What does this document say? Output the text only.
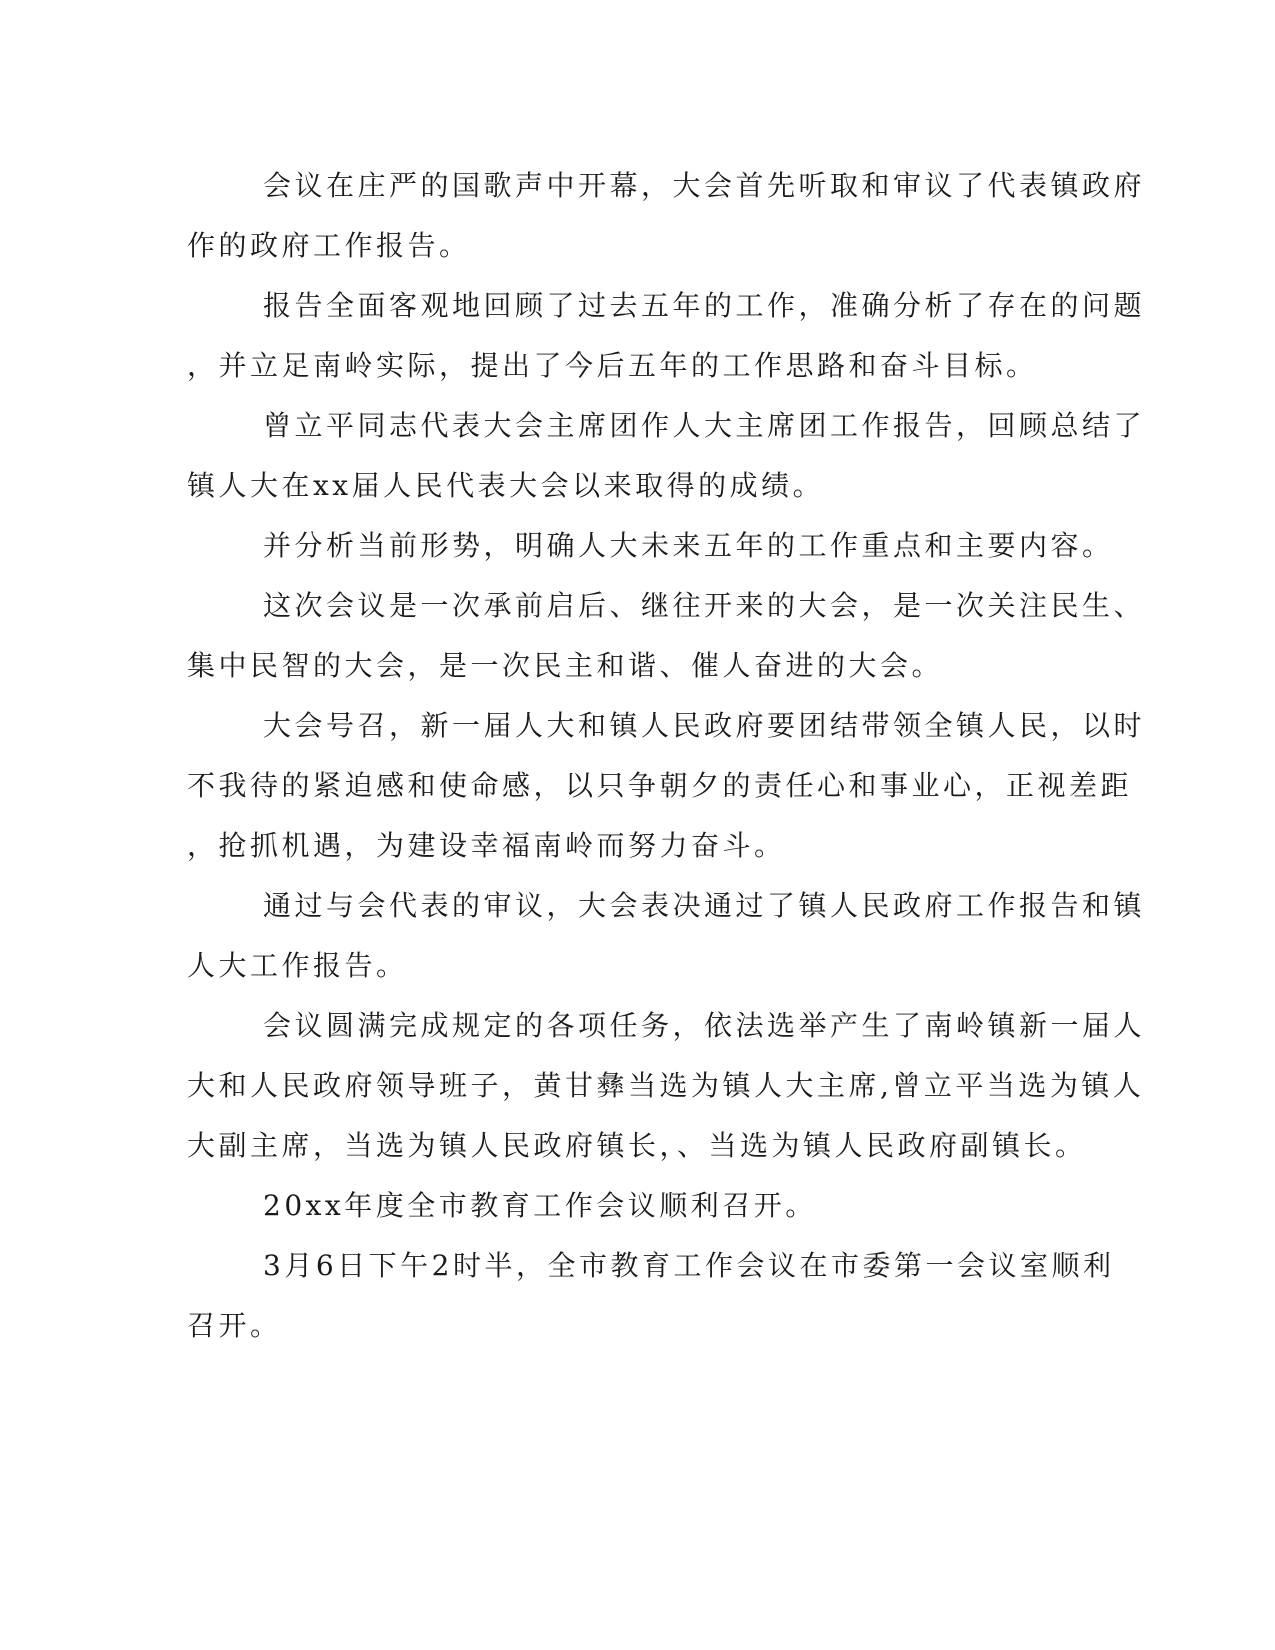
会议在庄严的国歌声中开幕，大会首先听取和审议了代表镇政府
作的政府工作报告。
报告全面客观地回顾了过去五年的工作，准确分析了存在的问题
，并立足南岭实际，提出了今后五年的工作思路和奋斗目标。
曾立平同志代表大会主席团作人大主席团工作报告，回顾总结了
镇人大在xx届人民代表大会以来取得的成绩。
并分析当前形势，明确人大未来五年的工作重点和主要内容。
这次会议是一次承前启后、继往开来的大会，是一次关注民生、
集中民智的大会，是一次民主和谐、催人奋进的大会。
大会号召，新一届人大和镇人民政府要团结带领全镇人民，以时
不我待的紧迫感和使命感，以只争朝夕的责任心和事业心，正视差距
，抢抓机遇，为建设幸福南岭而努力奋斗。
通过与会代表的审议，大会表决通过了镇人民政府工作报告和镇
人大工作报告。
会议圆满完成规定的各项任务，依法选举产生了南岭镇新一届人
大和人民政府领导班子，黄甘彝当选为镇人大主席,曾立平当选为镇人
大副主席，当选为镇人民政府镇长，、当选为镇人民政府副镇长。
20xx年度全市教育工作会议顺利召开。
3月6日下午2时半，全市教育工作会议在市委第一会议室顺利
召开。
